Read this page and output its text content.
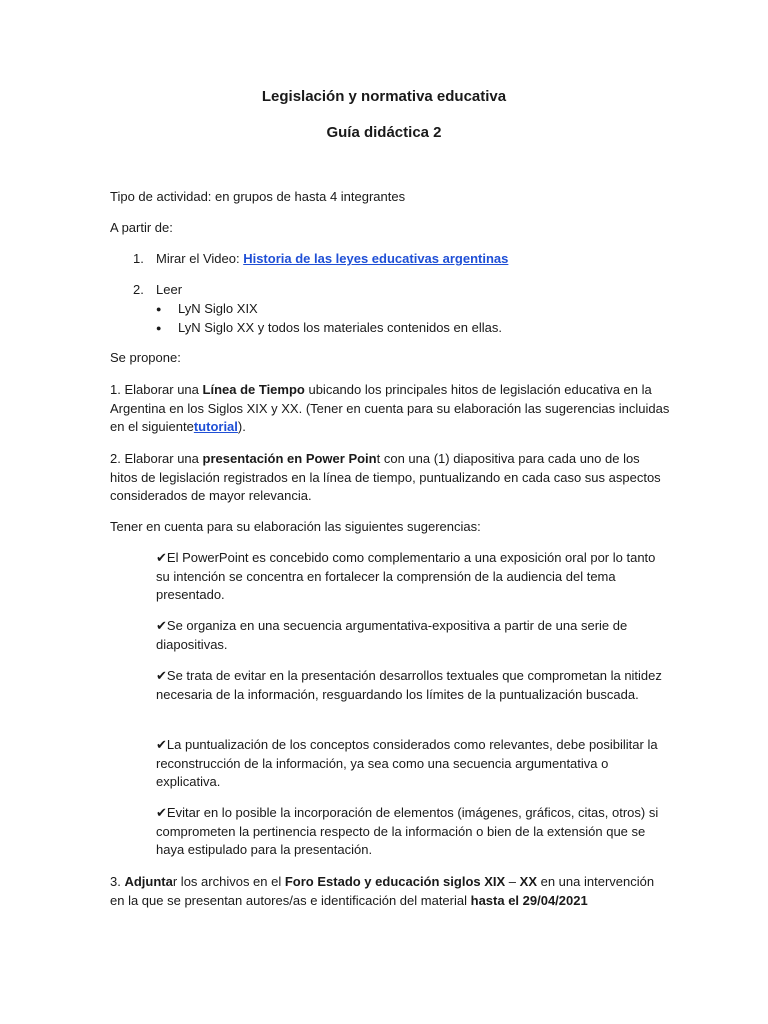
Legislación y normativa educativa
Guía didáctica 2
Tipo de actividad: en grupos de hasta 4 integrantes
A partir de:
1. Mirar el Video: Historia de las leyes educativas argentinas
2. Leer
● LyN Siglo XIX
● LyN Siglo XX y todos los materiales contenidos en ellas.
Se propone:
1. Elaborar una Línea de Tiempo ubicando los principales hitos de legislación educativa en la Argentina en los Siglos XIX y XX. (Tener en cuenta para su elaboración las sugerencias incluidas en el siguientetutorial).
2. Elaborar una presentación en Power Point con una (1) diapositiva para cada uno de los hitos de legislación registrados en la línea de tiempo, puntualizando en cada caso sus aspectos considerados de mayor relevancia.
Tener en cuenta para su elaboración las siguientes sugerencias:
✔El PowerPoint es concebido como complementario a una exposición oral por lo tanto su intención se concentra en fortalecer la comprensión de la audiencia del tema presentado.
✔Se organiza en una secuencia argumentativa-expositiva a partir de una serie de diapositivas.
✔Se trata de evitar en la presentación desarrollos textuales que comprometan la nitidez necesaria de la información, resguardando los límites de la puntualización buscada.
✔La puntualización de los conceptos considerados como relevantes, debe posibilitar la reconstrucción de la información, ya sea como una secuencia argumentativa o explicativa.
✔Evitar en lo posible la incorporación de elementos (imágenes, gráficos, citas, otros) si comprometen la pertinencia respecto de la información o bien de la extensión que se haya estipulado para la presentación.
3. Adjuntar los archivos en el Foro Estado y educación siglos XIX – XX en una intervención en la que se presentan autores/as e identificación del material hasta el 29/04/2021
